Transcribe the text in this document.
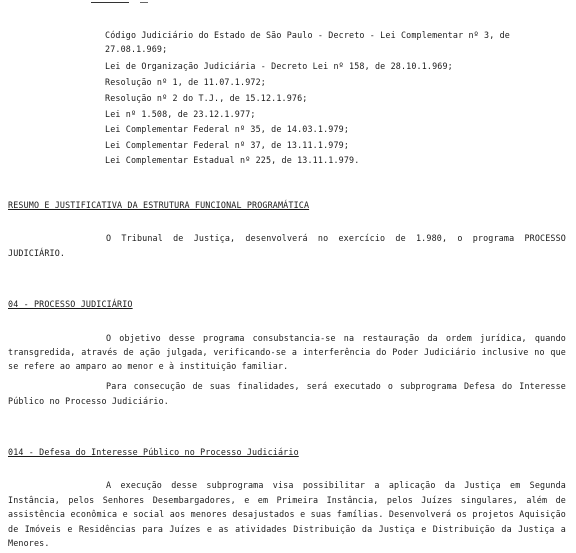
Código Judiciário do Estado de São Paulo - Decreto - Lei Complementar nº 3, de
27.08.1.969;
Lei de Organização Judiciária - Decreto Lei nº 158, de 28.10.1.969;
Resolução nº 1, de 11.07.1.972;
Resolução nº 2 do T.J., de 15.12.1.976;
Lei nº 1.508, de 23.12.1.977;
Lei Complementar Federal nº 35, de 14.03.1.979;
Lei Complementar Federal nº 37, de 13.11.1.979;
Lei Complementar Estadual nº 225, de 13.11.1.979.
RESUMO E JUSTIFICATIVA DA ESTRUTURA FUNCIONAL PROGRAMÁTICA
O Tribunal de Justiça, desenvolverá no exercício de 1.980, o programa PROCESSO JUDICIÁRIO.
04 - PROCESSO JUDICIÁRIO
O objetivo desse programa consubstancia-se na restauração da ordem jurídica, quando transgredida, através de ação julgada, verificando-se a interferência do Poder Judiciário inclusive no que se refere ao amparo ao menor e à instituição familiar.
Para consecução de suas finalidades, será executado o subprograma Defesa do Interesse Público no Processo Judiciário.
014 - Defesa do Interesse Público no Processo Judiciário
A execução desse subprograma visa possibilitar a aplicação da Justiça em Segunda Instância, pelos Senhores Desembargadores, e em Primeira Instância, pelos Juízes singulares, além de assistência econômica e social aos menores desajustados e suas famílias. Desenvolverá os projetos Aquisição de Imóveis e Residências para Juízes e as atividades Distribuição da Justiça e Distribuição da Justiça a Menores.
